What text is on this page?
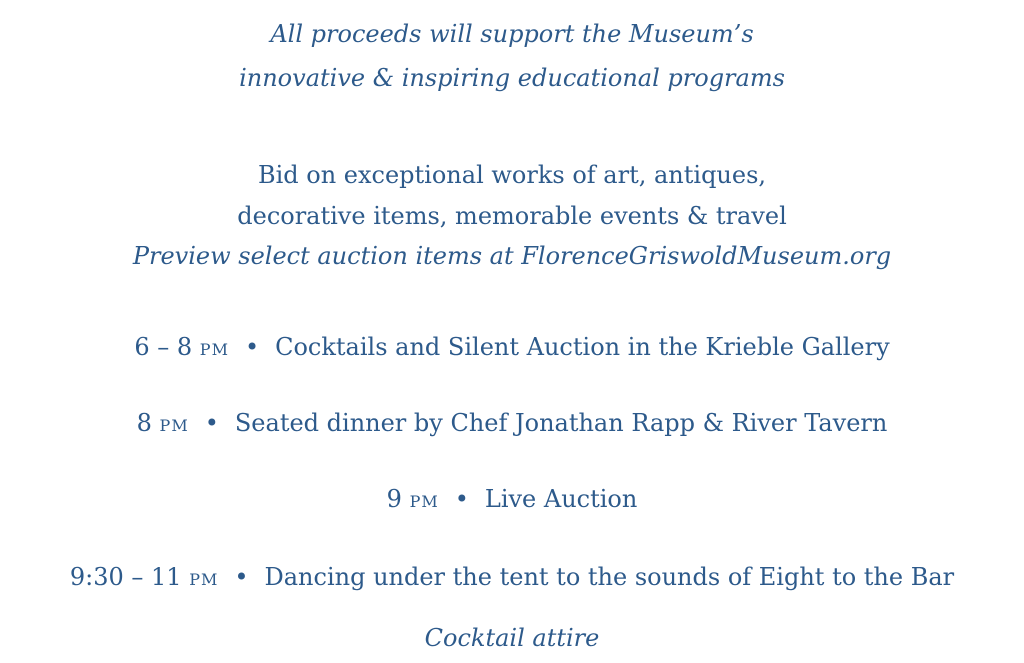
All proceeds will support the Museum’s
innovative & inspiring educational programs
Bid on exceptional works of art, antiques,
decorative items, memorable events & travel
Preview select auction items at FlorenceGriswoldMuseum.org
6 – 8 PM • Cocktails and Silent Auction in the Krieble Gallery
8 PM • Seated dinner by Chef Jonathan Rapp & River Tavern
9 PM • Live Auction
9:30 – 11 PM • Dancing under the tent to the sounds of Eight to the Bar
Cocktail attire
